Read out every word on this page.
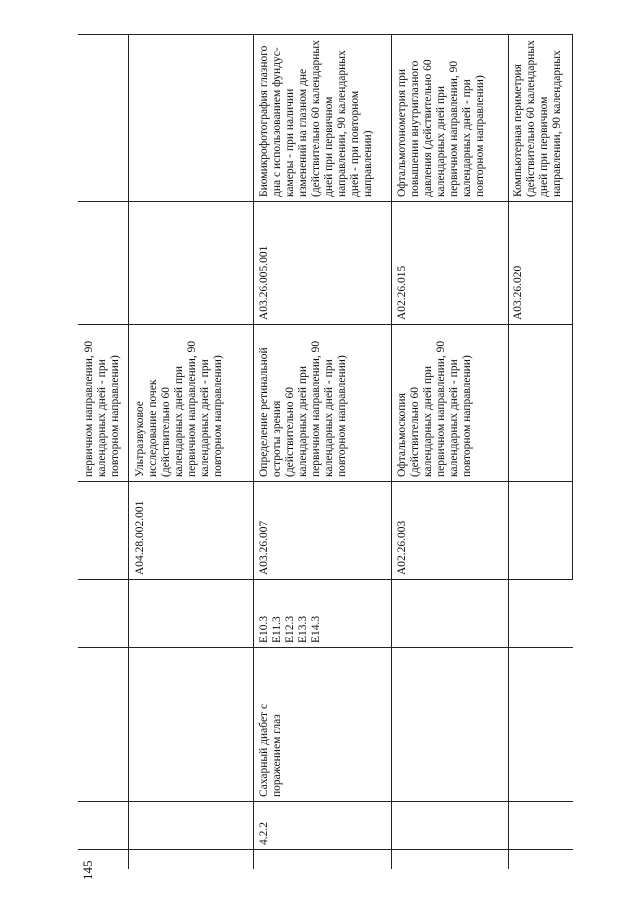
145
первичном направлении, 90
календарных дней - при
повторном направлении)
A04.28.002.001
Ультразвуковое
исследование почек
(действительно 60
календарных дней при
первичном направлении, 90
календарных дней - при
повторном направлении)
4.2.2
Сахарный диабет с
поражением глаз
E10.3
E11.3
E12.3
E13.3
E14.3
A03.26.007
Определение ретинальной
остроты зрения
(действительно 60
календарных дней при
первичном направлении, 90
календарных дней - при
повторном направлении)
A03.26.005.001
Биомикрофотография глазного
дна с использованием фундус-
камеры - при наличии
изменений на глазном дне
(действительно 60 календарных
дней при первичном
направлении, 90 календарных
дней - при повторном
направлении)
A02.26.003
Офтальмоскопия
(действительно 60
календарных дней при
первичном направлении, 90
календарных дней - при
повторном направлении)
A02.26.015
Офтальмотонометрия при
повышении внутриглазного
давления (действительно 60
календарных дней при
первичном направлении, 90
календарных дней - при
повторном направлении)
A03.26.020
Компьютерная периметрия
(действительно 60 календарных
дней при первичном
направлении, 90 календарных
